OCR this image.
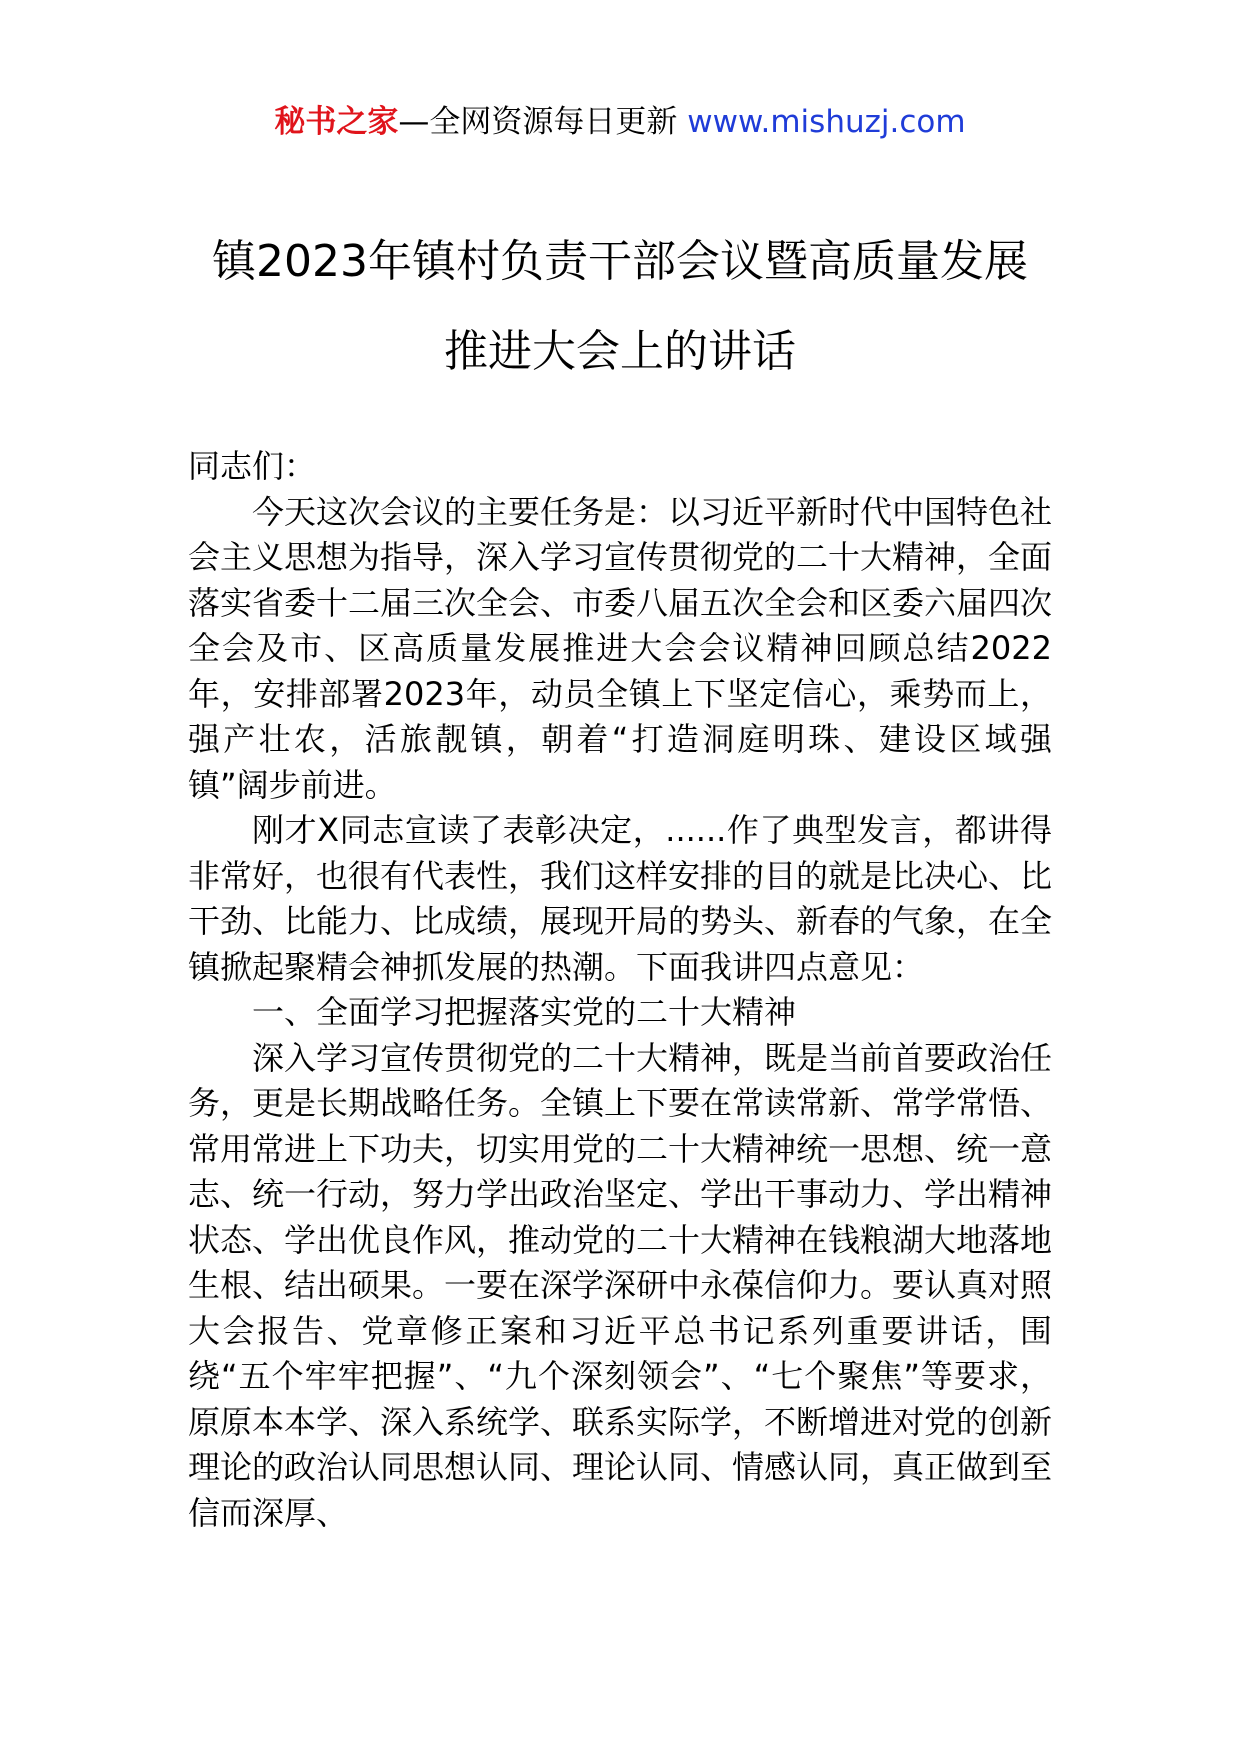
秘书之家—全网资源每日更新 www.mishuzj.com
镇2023年镇村负责干部会议暨高质量发展
推进大会上的讲话

同志们：

今天这次会议的主要任务是：以习近平新时代中国特色社会主义思想为指导，深入学习宣传贯彻党的二十大精神，全面落实省委十二届三次全会、市委八届五次全会和区委六届四次全会及市、区高质量发展推进大会会议精神回顾总结2022年，安排部署2023年，动员全镇上下坚定信心，乘势而上，强产壮农，活旅靓镇，朝着“打造洞庭明珠、建设区域强镇”阔步前进。

刚才X同志宣读了表彰决定，......作了典型发言，都讲得非常好，也很有代表性，我们这样安排的目的就是比决心、比干劲、比能力、比成绩，展现开局的势头、新春的气象，在全镇掀起聚精会神抓发展的热潮。下面我讲四点意见：

一、全面学习把握落实党的二十大精神

深入学习宣传贯彻党的二十大精神，既是当前首要政治任务，更是长期战略任务。全镇上下要在常读常新、常学常悟、常用常进上下功夫，切实用党的二十大精神统一思想、统一意志、统一行动，努力学出政治坚定、学出干事动力、学出精神状态、学出优良作风，推动党的二十大精神在钱粮湖大地落地生根、结出硕果。一要在深学深研中永葆信仰力。要认真对照大会报告、党章修正案和习近平总书记系列重要讲话，围绕“五个牢牢把握”、“九个深刻领会”、“七个聚焦”等要求，原原本本学、深入系统学、联系实际学，不断增进对党的创新理论的政治认同思想认同、理论认同、情感认同，真正做到至信而深厚、
